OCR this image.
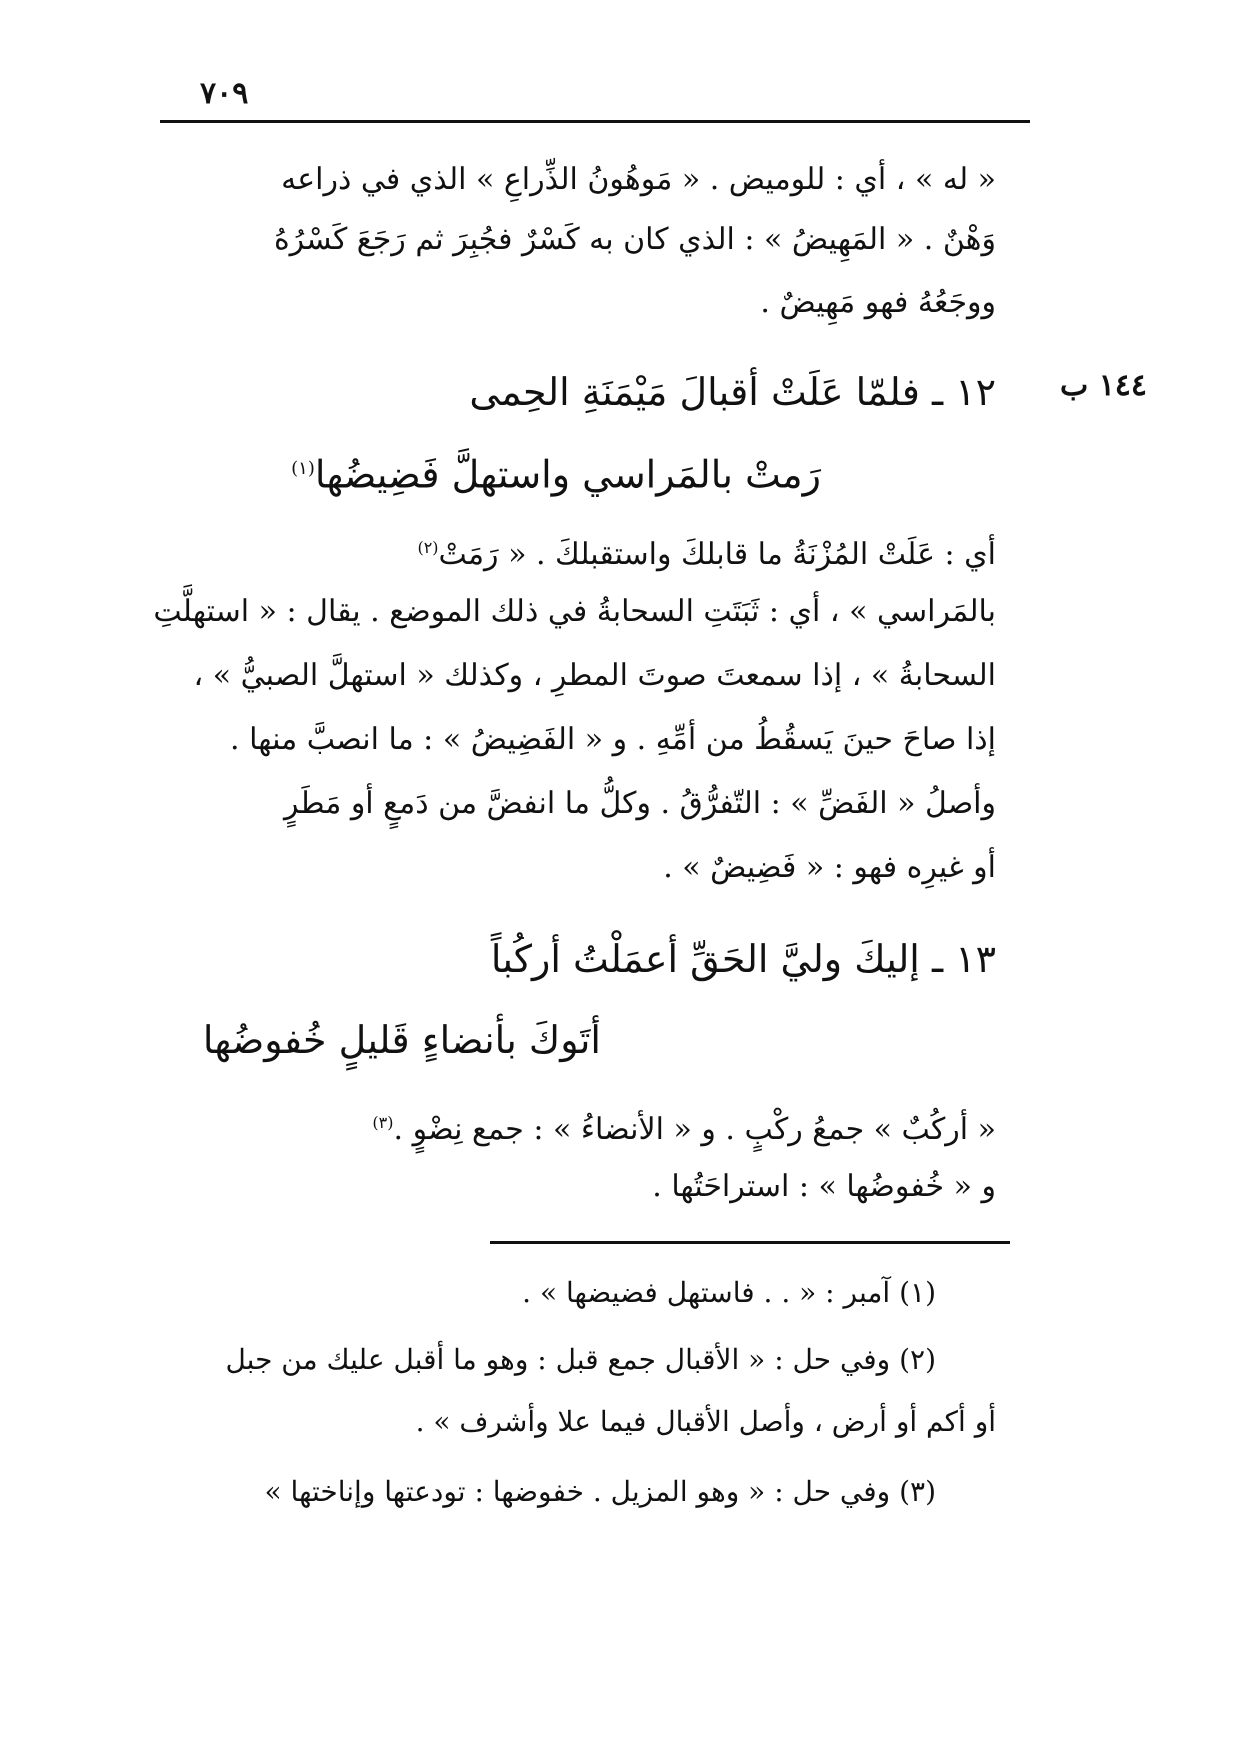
٧٠٩
١٤٤ ب
« له » ، أي : للوميض . « مَوهُونُ الذِّراعِ » الذي في ذراعه
وَهْنٌ . « المَهِيضُ » : الذي كان به كَسْرٌ فجُبِرَ ثم رَجَعَ كَسْرُهُ
ووجَعُهُ فهو مَهِيضٌ .
١٢ ـ فلمّا عَلَتْ أقبالَ مَيْمَنَةِ الحِمى
رَمتْ بالمَراسي واستهلَّ فَضِيضُها$^{(١)}$
أي : عَلَتْ المُزْنَةُ ما قابلكَ واستقبلكَ . « رَمَتْ$^{(٢)}$
بالمَراسي » ، أي : ثَبَتَتِ السحابةُ في ذلك الموضع . يقال : « استهلَّتِ
السحابةُ » ، إذا سمعتَ صوتَ المطرِ ، وكذلك « استهلَّ الصبيُّ » ،
إذا صاحَ حينَ يَسقُطُ من أمِّهِ . و « الفَضِيضُ » : ما انصبَّ منها .
وأصلُ « الفَضِّ » : التّفرُّقُ . وكلُّ ما انفضَّ من دَمعٍ أو مَطَرٍ
أو غيرِه فهو : « فَضِيضٌ » .
١٣ ـ إليكَ وليَّ الحَقِّ أعمَلْتُ أركُباً
أتَوكَ بأنضاءٍ قَليلٍ خُفوضُها
« أركُبٌ » جمعُ ركْبٍ . و « الأنضاءُ » : جمع نِضْوٍ .$^{(٣)}$
و « خُفوضُها » : استراحَتُها .
(١) آمبر : « . . فاستهل فضيضها » .
(٢) وفي حل : « الأقبال جمع قبل : وهو ما أقبل عليك من جبل
أو أكم أو أرض ، وأصل الأقبال فيما علا وأشرف » .
(٣) وفي حل : « وهو المزيل . خفوضها : تودعتها وإناختها »
